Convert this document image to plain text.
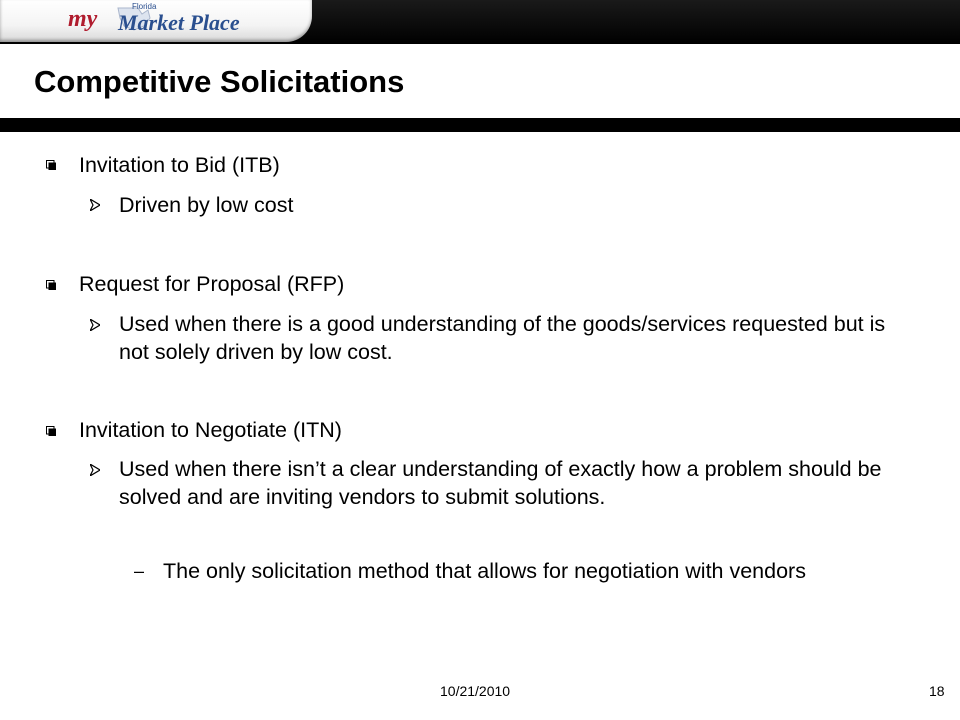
my	Florida
Market Place
Competitive Solicitations
Invitation to Bid (ITB)
Driven by low cost
Request for Proposal (RFP)
Used when there is a good understanding of the goods/services requested but is not solely driven by low cost.
Invitation to Negotiate (ITN)
Used when there isn’t a clear understanding of exactly how a problem should be solved and are inviting vendors to submit solutions.
– The only solicitation method that allows for negotiation with vendors
10/21/2010	18
